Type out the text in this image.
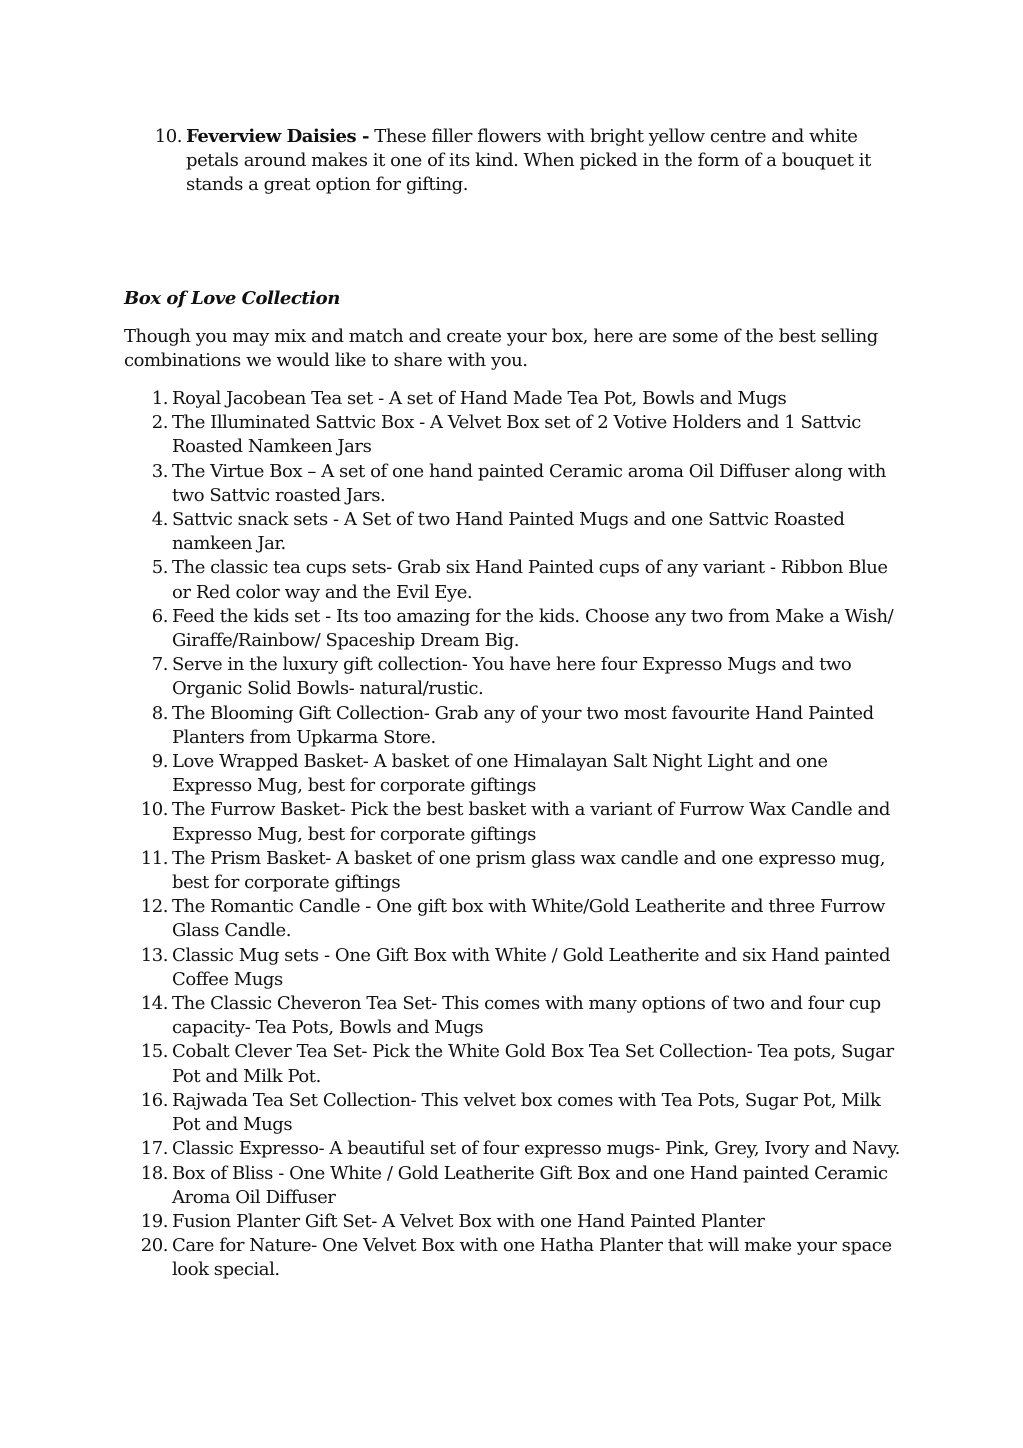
10. Feverview Daisies - These filler flowers with bright yellow centre and white petals around makes it one of its kind. When picked in the form of a bouquet it stands a great option for gifting.
Box of Love Collection

Though you may mix and match and create your box, here are some of the best selling combinations we would like to share with you.

1. Royal Jacobean Tea set - A set of Hand Made Tea Pot, Bowls and Mugs
2. The Illuminated Sattvic Box - A Velvet Box set of 2 Votive Holders and 1 Sattvic Roasted Namkeen Jars
3. The Virtue Box – A set of one hand painted Ceramic aroma Oil Diffuser along with two Sattvic roasted Jars.
4. Sattvic snack sets - A Set of two Hand Painted Mugs and one Sattvic Roasted namkeen Jar.
5. The classic tea cups sets- Grab six Hand Painted cups of any variant - Ribbon Blue or Red color way and the Evil Eye.
6. Feed the kids set - Its too amazing for the kids. Choose any two from Make a Wish/ Giraffe/Rainbow/ Spaceship Dream Big.
7. Serve in the luxury gift collection- You have here four Expresso Mugs and two Organic Solid Bowls- natural/rustic.
8. The Blooming Gift Collection- Grab any of your two most favourite Hand Painted Planters from Upkarma Store.
9. Love Wrapped Basket- A basket of one Himalayan Salt Night Light and one Expresso Mug, best for corporate giftings
10. The Furrow Basket- Pick the best basket with a variant of Furrow Wax Candle and Expresso Mug, best for corporate giftings
11. The Prism Basket- A basket of one prism glass wax candle and one expresso mug, best for corporate giftings
12. The Romantic Candle - One gift box with White/Gold Leatherite and three Furrow Glass Candle.
13. Classic Mug sets - One Gift Box with White / Gold Leatherite and six Hand painted Coffee Mugs
14. The Classic Cheveron Tea Set- This comes with many options of two and four cup capacity- Tea Pots, Bowls and Mugs
15. Cobalt Clever Tea Set- Pick the White Gold Box Tea Set Collection- Tea pots, Sugar Pot and Milk Pot.
16. Rajwada Tea Set Collection- This velvet box comes with Tea Pots, Sugar Pot, Milk Pot and Mugs
17. Classic Expresso- A beautiful set of four expresso mugs- Pink, Grey, Ivory and Navy.
18. Box of Bliss - One White / Gold Leatherite Gift Box and one Hand painted Ceramic Aroma Oil Diffuser
19. Fusion Planter Gift Set- A Velvet Box with one Hand Painted Planter
20. Care for Nature- One Velvet Box with one Hatha Planter that will make your space look special.
